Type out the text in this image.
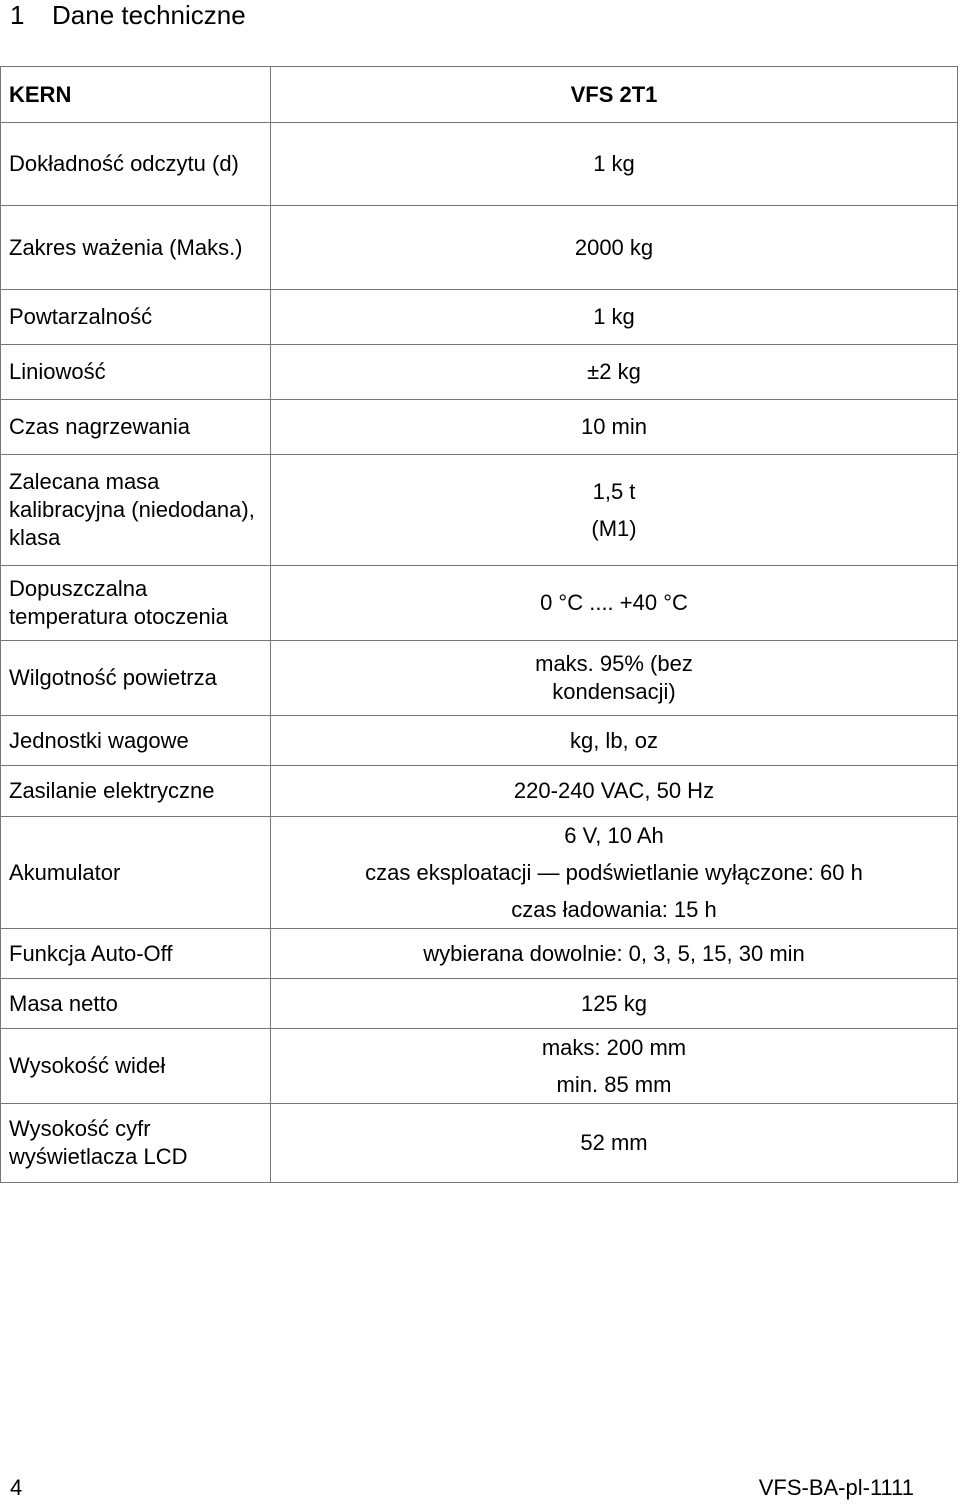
1 Dane techniczne
KERN	VFS 2T1
Dokładność odczytu (d)	1 kg

Zakres ważenia (Maks.)	2000 kg

Powtarzalność	1 kg

Liniowość	±2 kg

Czas nagrzewania	10 min

Zalecana masa kalibracyjna (niedodana), klasa	1,5 t
(M1)

Dopuszczalna temperatura otoczenia	0 °C .... +40 °C

Wilgotność powietrza	maks. 95% (bez kondensacji)

Jednostki wagowe	kg, lb, oz

Zasilanie elektryczne	220-240 VAC, 50 Hz

Akumulator	6 V, 10 Ah
czas eksploatacji — podświetlanie wyłączone: 60 h
czas ładowania: 15 h

Funkcja Auto-Off	wybierana dowolnie: 0, 3, 5, 15, 30 min

Masa netto	125 kg

Wysokość wideł	maks: 200 mm
min. 85 mm

Wysokość cyfr wyświetlacza LCD	52 mm
4	VFS-BA-pl-1111
